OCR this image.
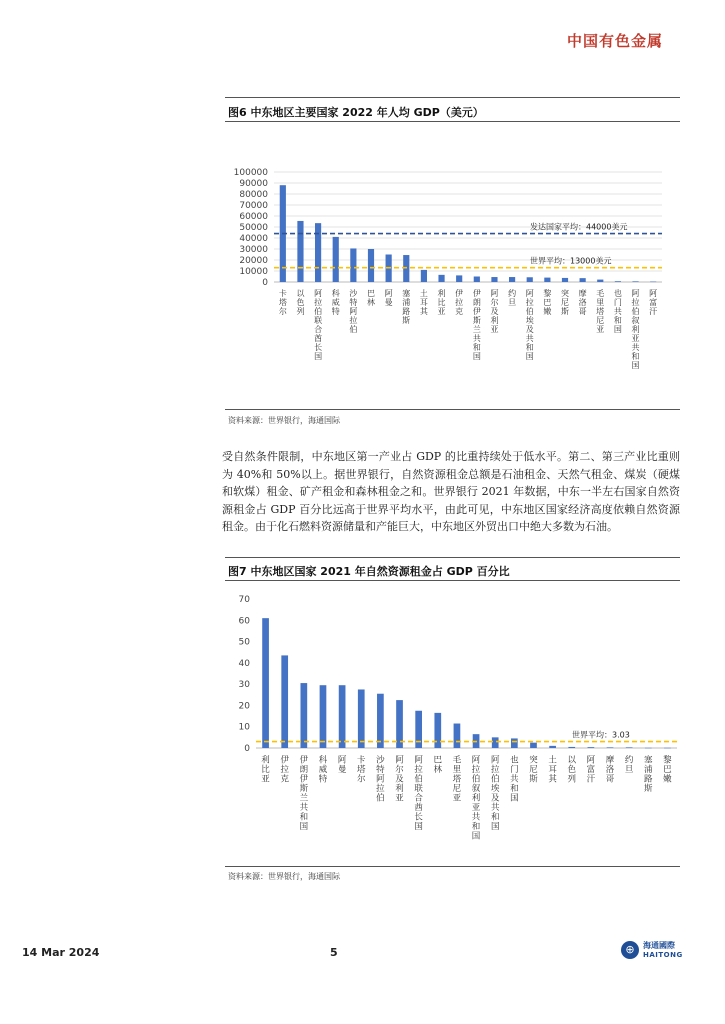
中国有色金属
图6 中东地区主要国家 2022 年人均 GDP（美元）
0
10000
20000
30000
40000
50000
60000
70000
80000
90000
100000
卡塔尔
以色列
阿拉伯联合酋长国
科威特
沙特阿拉伯
巴林
阿曼
塞浦路斯
土耳其
利比亚
伊拉克
伊朗伊斯兰共和国
阿尔及利亚
约旦
阿拉伯埃及共和国
黎巴嫩
突尼斯
摩洛哥
毛里塔尼亚
也门共和国
阿拉伯叙利亚共和国
阿富汗
发达国家平均：44000美元
世界平均：13000美元
资料来源：世界银行，海通国际
受自然条件限制，中东地区第一产业占 GDP 的比重持续处于低水平。第二、第三产业比重则为 40%和 50%以上。据世界银行，自然资源租金总额是石油租金、天然气租金、煤炭（硬煤和软煤）租金、矿产租金和森林租金之和。世界银行 2021 年数据，中东一半左右国家自然资源租金占 GDP 百分比远高于世界平均水平，由此可见，中东地区国家经济高度依赖自然资源租金。由于化石燃料资源储量和产能巨大，中东地区外贸出口中绝大多数为石油。
图7 中东地区国家 2021 年自然资源租金占 GDP 百分比
0
10
20
30
40
50
60
70
利比亚
伊拉克
伊朗伊斯兰共和国
科威特
阿曼
卡塔尔
沙特阿拉伯
阿尔及利亚
阿拉伯联合酋长国
巴林
毛里塔尼亚
阿拉伯叙利亚共和国
阿拉伯埃及共和国
也门共和国
突尼斯
土耳其
以色列
阿富汗
摩洛哥
约旦
塞浦路斯
黎巴嫩
世界平均：3.03
资料来源：世界银行，海通国际
14 Mar 2024	5	⊕	海通國際
HAITONG
